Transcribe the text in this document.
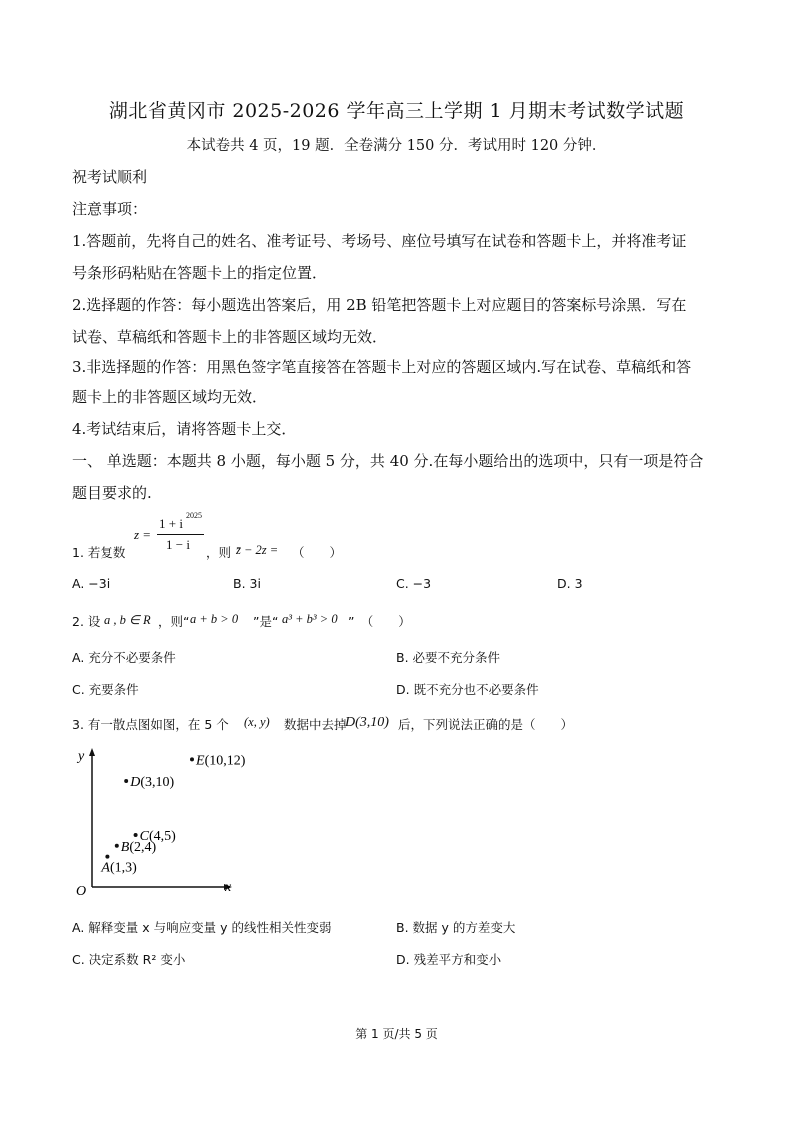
湖北省黄冈市 2025-2026 学年高三上学期 1 月期末考试数学试题
本试卷共 4 页，19 题．全卷满分 150 分．考试用时 120 分钟．
祝考试顺利
注意事项：
1.答题前，先将自己的姓名、准考证号、考场号、座位号填写在试卷和答题卡上，并将准考证
号条形码粘贴在答题卡上的指定位置．
2.选择题的作答：每小题选出答案后，用 2B 铅笔把答题卡上对应题目的答案标号涂黑．写在
试卷、草稿纸和答题卡上的非答题区域均无效．
3.非选择题的作答：用黑色签字笔直接答在答题卡上对应的答题区域内.写在试卷、草稿纸和答
题卡上的非答题区域均无效．
4.考试结束后，请将答题卡上交．
一、 单选题：本题共 8 小题，每小题 5 分，共 40 分.在每小题给出的选项中，只有一项是符合
题目要求的.
1. 若复数
z =
1 + i
2025
1 − i
，则 z̄ − 2z = （　　）
A. −3i	B. 3i	C. −3	D. 3
2. 设 a , b ∈ R ，则“ a + b > 0 ”是“ a³ + b³ > 0 ”　（　　）
A. 充分不必要条件	B. 必要不充分条件
C. 充要条件	D. 既不充分也不必要条件
3. 有一散点图如图，在 5 个 (x, y) 数据中去掉
D(3,10) 后，下列说法正确的是（　　）
x
y
O
A(1,3)
B(2,4)
C(4,5)
D(3,10)
E(10,12)
A. 解释变量 x 与响应变量 y 的线性相关性变弱	B. 数据 y 的方差变大
C. 决定系数 R² 变小	D. 残差平方和变小
第 1 页/共 5 页
